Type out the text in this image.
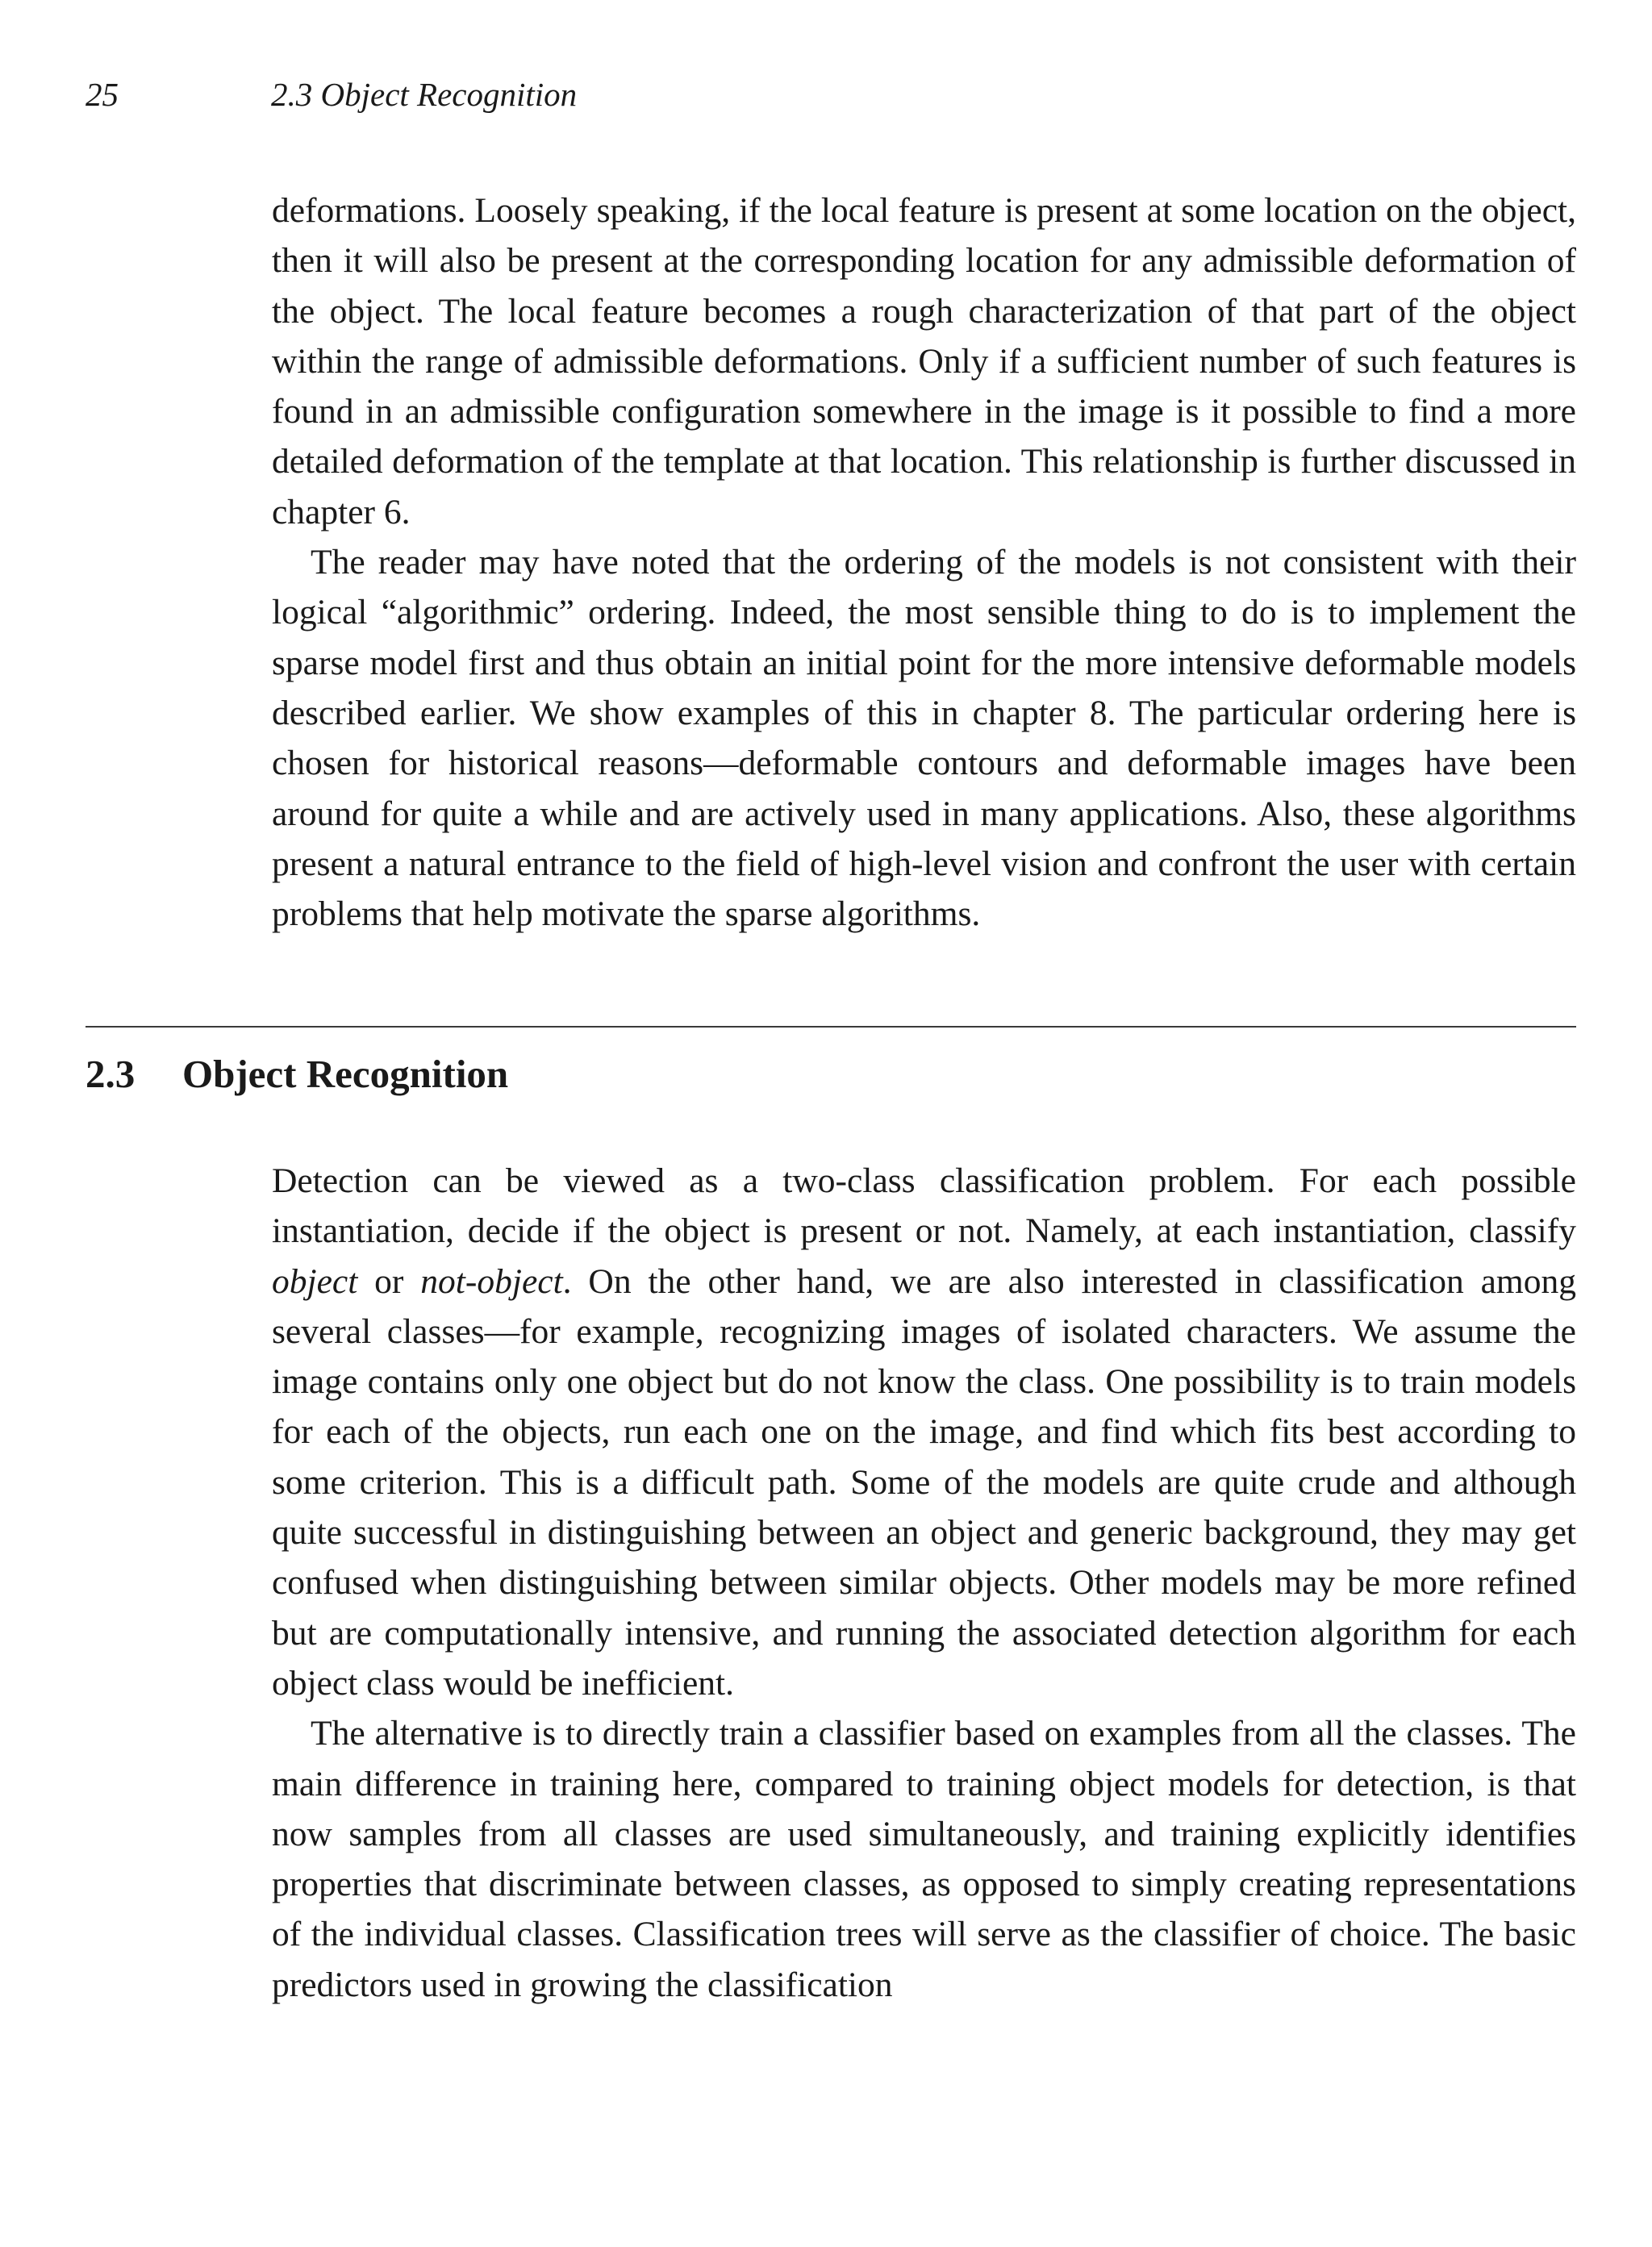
25	2.3 Object Recognition

deformations. Loosely speaking, if the local feature is present at some location on the object, then it will also be present at the corresponding location for any admissible deformation of the object. The local feature becomes a rough characterization of that part of the object within the range of admissible deformations. Only if a sufficient number of such features is found in an admissible configuration somewhere in the image is it possible to find a more detailed deformation of the template at that location. This relationship is further discussed in chapter 6.

The reader may have noted that the ordering of the models is not consistent with their logical “algorithmic” ordering. Indeed, the most sensible thing to do is to implement the sparse model first and thus obtain an initial point for the more intensive deformable models described earlier. We show examples of this in chapter 8. The particular ordering here is chosen for historical reasons—deformable contours and deformable images have been around for quite a while and are actively used in many applications. Also, these algorithms present a natural entrance to the field of high-level vision and confront the user with certain problems that help motivate the sparse algorithms.

2.3 Object Recognition

Detection can be viewed as a two-class classification problem. For each possible instantiation, decide if the object is present or not. Namely, at each instantiation, classify object or not-object. On the other hand, we are also interested in classification among several classes—for example, recognizing images of isolated characters. We assume the image contains only one object but do not know the class. One possibility is to train models for each of the objects, run each one on the image, and find which fits best according to some criterion. This is a difficult path. Some of the models are quite crude and although quite successful in distinguishing between an object and generic background, they may get confused when distinguishing between similar objects. Other models may be more refined but are computationally intensive, and running the associated detection algorithm for each object class would be inefficient.

The alternative is to directly train a classifier based on examples from all the classes. The main difference in training here, compared to training object models for detection, is that now samples from all classes are used simultaneously, and training explicitly identifies properties that discriminate between classes, as opposed to simply creating representations of the individual classes. Classification trees will serve as the classifier of choice. The basic predictors used in growing the classification
